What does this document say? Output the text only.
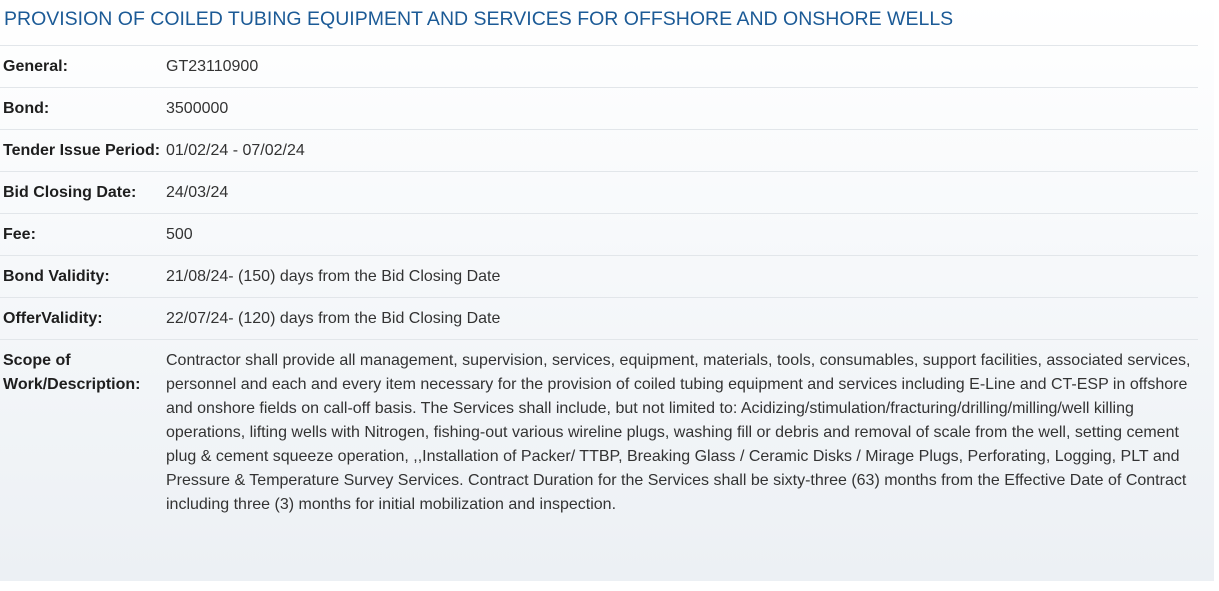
PROVISION OF COILED TUBING EQUIPMENT AND SERVICES FOR OFFSHORE AND ONSHORE WELLS
General:	GT23110900
Bond:	3500000
Tender Issue Period:	01/02/24 - 07/02/24
Bid Closing Date:	24/03/24
Fee:	500
Bond Validity:	21/08/24- (150) days from the Bid Closing Date
OfferValidity:	22/07/24- (120) days from the Bid Closing Date
Scope of Work/Description:	Contractor shall provide all management, supervision, services, equipment, materials, tools, consumables, support facilities, associated services, personnel and each and every item necessary for the provision of coiled tubing equipment and services including E-Line and CT-ESP in offshore and onshore fields on call-off basis. The Services shall include, but not limited to: Acidizing/stimulation/fracturing/drilling/milling/well killing operations, lifting wells with Nitrogen, fishing-out various wireline plugs, washing fill or debris and removal of scale from the well, setting cement plug & cement squeeze operation, ,,Installation of Packer/ TTBP, Breaking Glass / Ceramic Disks / Mirage Plugs, Perforating, Logging, PLT and Pressure & Temperature Survey Services. Contract Duration for the Services shall be sixty-three (63) months from the Effective Date of Contract including three (3) months for initial mobilization and inspection.
